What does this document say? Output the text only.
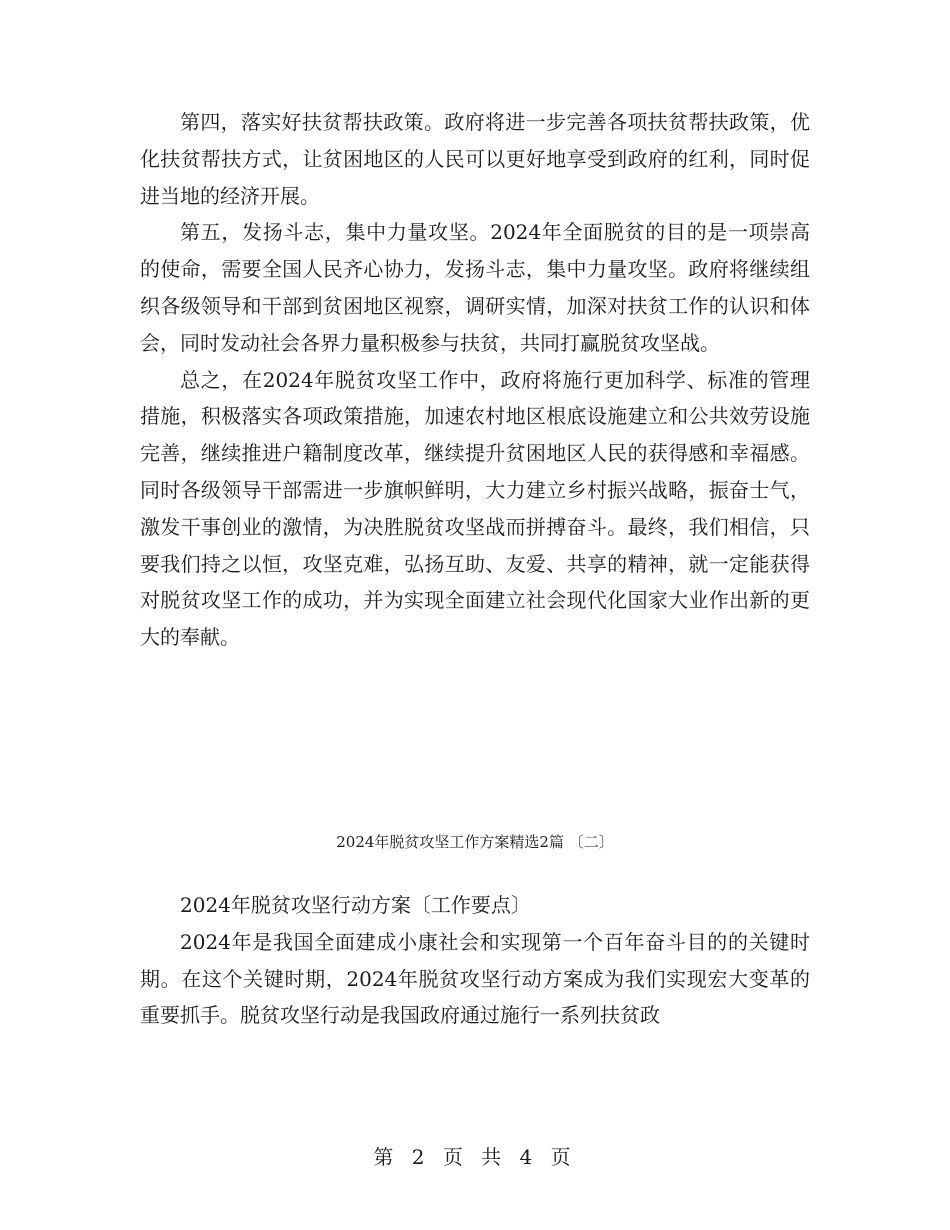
第四，落实好扶贫帮扶政策。政府将进一步完善各项扶贫帮扶政策，优化扶贫帮扶方式，让贫困地区的人民可以更好地享受到政府的红利，同时促进当地的经济开展。

第五，发扬斗志，集中力量攻坚。2024年全面脱贫的目的是一项崇高的使命，需要全国人民齐心协力，发扬斗志，集中力量攻坚。政府将继续组织各级领导和干部到贫困地区视察，调研实情，加深对扶贫工作的认识和体会，同时发动社会各界力量积极参与扶贫，共同打赢脱贫攻坚战。

总之，在2024年脱贫攻坚工作中，政府将施行更加科学、标准的管理措施，积极落实各项政策措施，加速农村地区根底设施建立和公共效劳设施完善，继续推进户籍制度改革，继续提升贫困地区人民的获得感和幸福感。同时各级领导干部需进一步旗帜鲜明，大力建立乡村振兴战略，振奋士气，激发干事创业的激情，为决胜脱贫攻坚战而拼搏奋斗。最终，我们相信，只要我们持之以恒，攻坚克难，弘扬互助、友爱、共享的精神，就一定能获得对脱贫攻坚工作的成功，并为实现全面建立社会现代化国家大业作出新的更大的奉献。

2024年脱贫攻坚工作方案精选2篇 〔二〕

2024年脱贫攻坚行动方案〔工作要点〕

2024年是我国全面建成小康社会和实现第一个百年奋斗目的的关键时期。在这个关键时期，2024年脱贫攻坚行动方案成为我们实现宏大变革的重要抓手。脱贫攻坚行动是我国政府通过施行一系列扶贫政

第 2 页 共 4 页
